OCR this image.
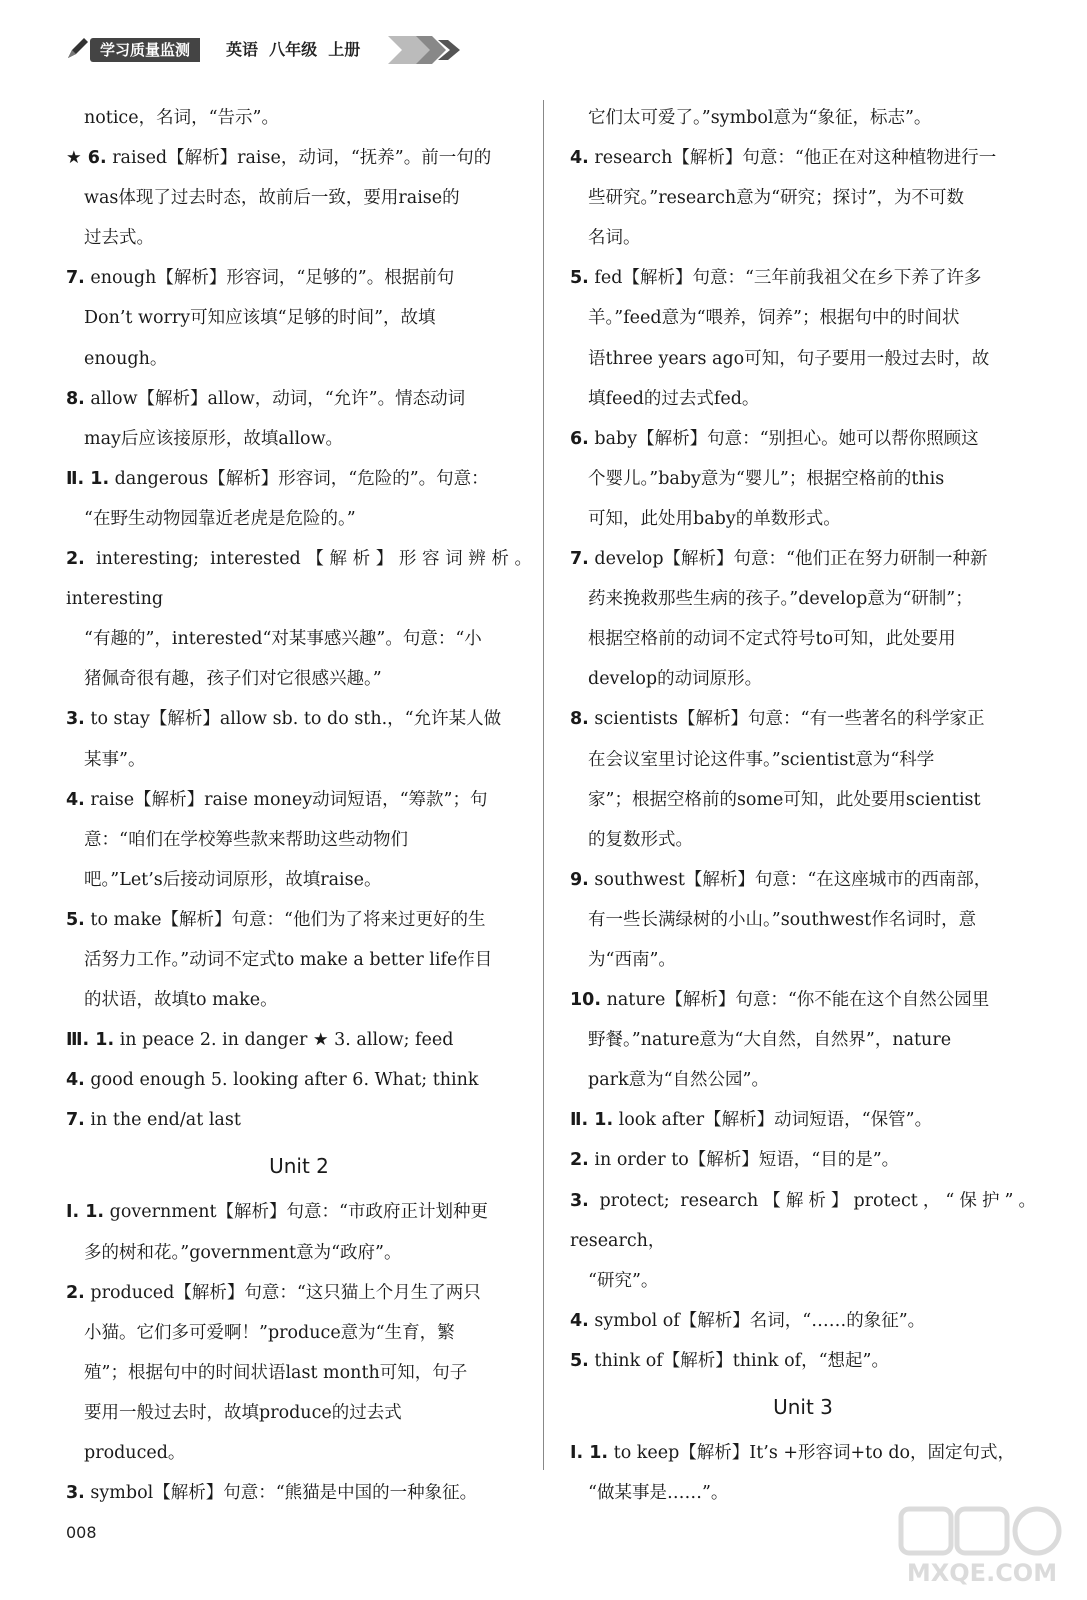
学习质量监测	英语  八年级  上册

notice，名词，“告示”。

★ 6. raised【解析】raise，动词，“抚养”。前一句的

was体现了过去时态，故前后一致，要用raise的

过去式。

7. enough【解析】形容词，“足够的”。根据前句

Don’t worry可知应该填“足够的时间”，故填

enough。

8. allow【解析】allow，动词，“允许”。情态动词

may后应该接原形，故填allow。

Ⅱ. 1. dangerous【解析】形容词，“危险的”。句意：

“在野生动物园靠近老虎是危险的。”

2. interesting; interested【解析】形容词辨析。interesting

“有趣的”，interested“对某事感兴趣”。句意：“小

猪佩奇很有趣，孩子们对它很感兴趣。”

3. to stay【解析】allow sb. to do sth.，“允许某人做

某事”。

4. raise【解析】raise money动词短语，“筹款”；句

意：“咱们在学校筹些款来帮助这些动物们

吧。”Let’s后接动词原形，故填raise。

5. to make【解析】句意：“他们为了将来过更好的生

活努力工作。”动词不定式to make a better life作目

的状语，故填to make。

Ⅲ. 1. in peace 2. in danger ★ 3. allow; feed

4. good enough 5. looking after 6. What; think

7. in the end/at last

Unit 2

Ⅰ. 1. government【解析】句意：“市政府正计划种更

多的树和花。”government意为“政府”。

2. produced【解析】句意：“这只猫上个月生了两只

小猫。它们多可爱啊！”produce意为“生育，繁

殖”；根据句中的时间状语last month可知，句子

要用一般过去时，故填produce的过去式

produced。

3. symbol【解析】句意：“熊猫是中国的一种象征。

它们太可爱了。”symbol意为“象征，标志”。

4. research【解析】句意：“他正在对这种植物进行一

些研究。”research意为“研究；探讨”，为不可数

名词。

5. fed【解析】句意：“三年前我祖父在乡下养了许多

羊。”feed意为“喂养，饲养”；根据句中的时间状

语three years ago可知，句子要用一般过去时，故

填feed的过去式fed。

6. baby【解析】句意：“别担心。她可以帮你照顾这

个婴儿。”baby意为“婴儿”；根据空格前的this

可知，此处用baby的单数形式。

7. develop【解析】句意：“他们正在努力研制一种新

药来挽救那些生病的孩子。”develop意为“研制”；

根据空格前的动词不定式符号to可知，此处要用

develop的动词原形。

8. scientists【解析】句意：“有一些著名的科学家正

在会议室里讨论这件事。”scientist意为“科学

家”；根据空格前的some可知，此处要用scientist

的复数形式。

9. southwest【解析】句意：“在这座城市的西南部，

有一些长满绿树的小山。”southwest作名词时，意

为“西南”。

10. nature【解析】句意：“你不能在这个自然公园里

野餐。”nature意为“大自然，自然界”，nature

park意为“自然公园”。

Ⅱ. 1. look after【解析】动词短语，“保管”。

2. in order to【解析】短语，“目的是”。

3. protect; research【解析】protect，“保护”。research，

“研究”。

4. symbol of【解析】名词，“……的象征”。

5. think of【解析】think of，“想起”。

Unit 3

Ⅰ. 1. to keep【解析】It’s +形容词+to do，固定句式，

“做某事是……”。

008
MXQE.COM
